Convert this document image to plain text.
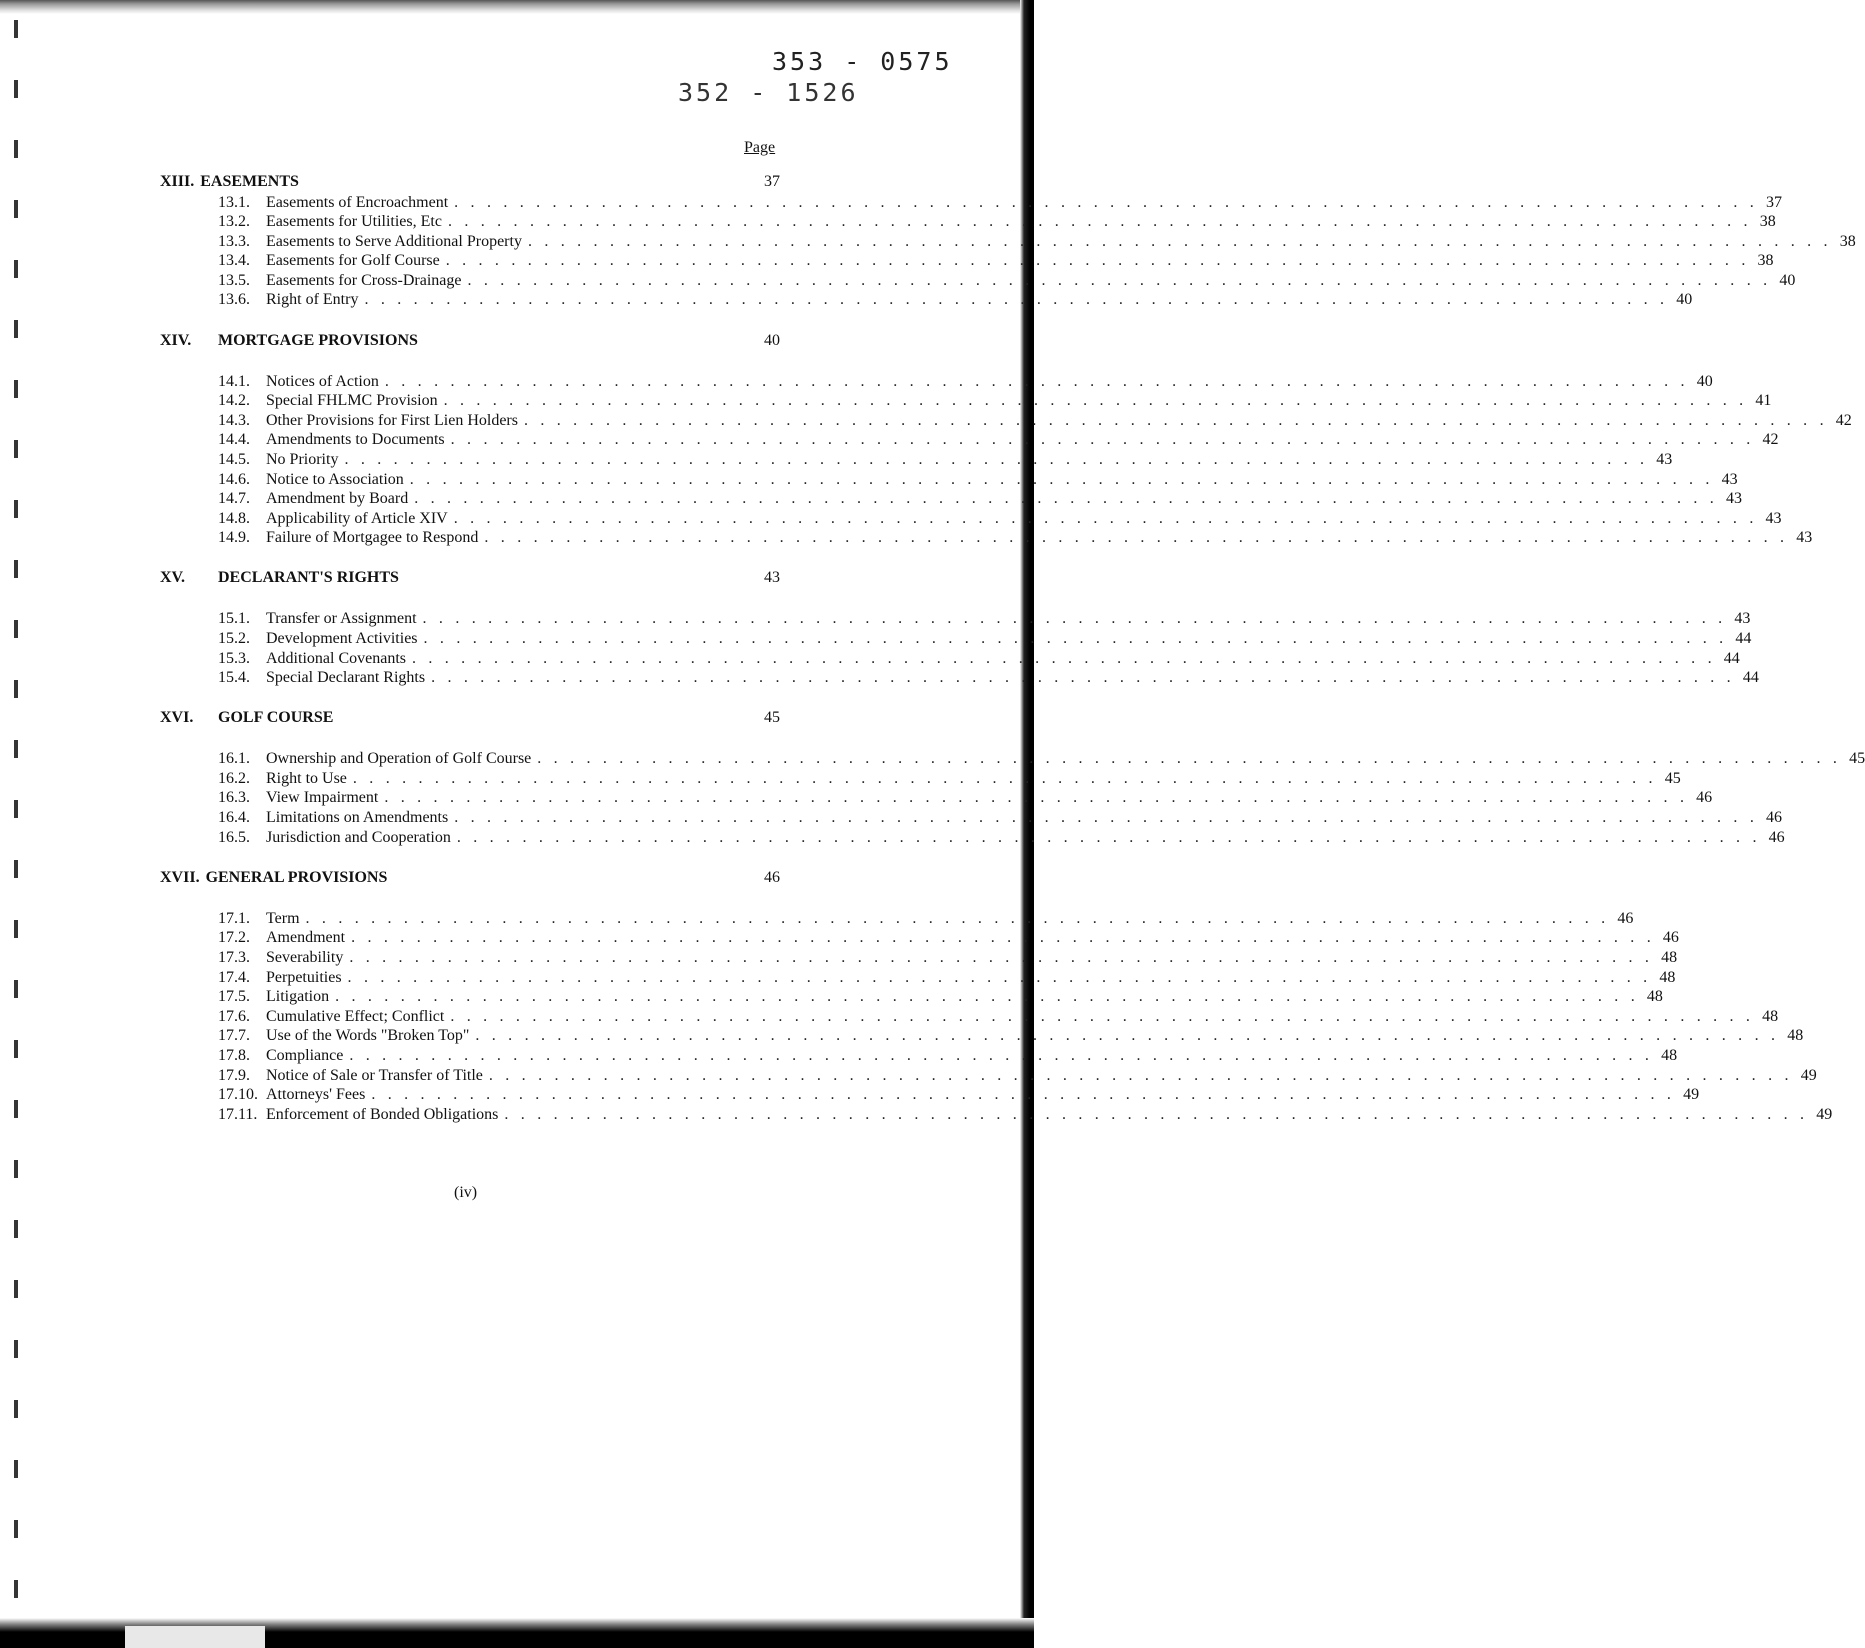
353 - 0575
352 - 1526
Page
XIII. EASEMENTS	37
13.1.	Easements of Encroachment . . . . . . . . . . . . . . . . . . . . . . . . . . . . . . . . . . . . . . . . . . . . . . . . . . . . . . . . . . . . . . . . . . . . . . . . . . . . . . . . 37
13.2.	Easements for Utilities, Etc . . . . . . . . . . . . . . . . . . . . . . . . . . . . . . . . . . . . . . . . . . . . . . . . . . . . . . . . . . . . . . . . . . . . . . . . . . . . . . . . 38
13.3.	Easements to Serve Additional Property . . . . . . . . . . . . . . . . . . . . . . . . . . . . . . . . . . . . . . . . . . . . . . . . . . . . . . . . . . . . . . . . . . . . . . . . . . . . . . . . 38
13.4.	Easements for Golf Course . . . . . . . . . . . . . . . . . . . . . . . . . . . . . . . . . . . . . . . . . . . . . . . . . . . . . . . . . . . . . . . . . . . . . . . . . . . . . . . . 38
13.5.	Easements for Cross-Drainage . . . . . . . . . . . . . . . . . . . . . . . . . . . . . . . . . . . . . . . . . . . . . . . . . . . . . . . . . . . . . . . . . . . . . . . . . . . . . . . . 40
13.6.	Right of Entry . . . . . . . . . . . . . . . . . . . . . . . . . . . . . . . . . . . . . . . . . . . . . . . . . . . . . . . . . . . . . . . . . . . . . . . . . . . . . . . . 40
XIV.	MORTGAGE PROVISIONS	40
14.1.	Notices of Action . . . . . . . . . . . . . . . . . . . . . . . . . . . . . . . . . . . . . . . . . . . . . . . . . . . . . . . . . . . . . . . . . . . . . . . . . . . . . . . . 40
14.2.	Special FHLMC Provision . . . . . . . . . . . . . . . . . . . . . . . . . . . . . . . . . . . . . . . . . . . . . . . . . . . . . . . . . . . . . . . . . . . . . . . . . . . . . . . . 41
14.3.	Other Provisions for First Lien Holders . . . . . . . . . . . . . . . . . . . . . . . . . . . . . . . . . . . . . . . . . . . . . . . . . . . . . . . . . . . . . . . . . . . . . . . . . . . . . . . . 42
14.4.	Amendments to Documents . . . . . . . . . . . . . . . . . . . . . . . . . . . . . . . . . . . . . . . . . . . . . . . . . . . . . . . . . . . . . . . . . . . . . . . . . . . . . . . . 42
14.5.	No Priority . . . . . . . . . . . . . . . . . . . . . . . . . . . . . . . . . . . . . . . . . . . . . . . . . . . . . . . . . . . . . . . . . . . . . . . . . . . . . . . . 43
14.6.	Notice to Association . . . . . . . . . . . . . . . . . . . . . . . . . . . . . . . . . . . . . . . . . . . . . . . . . . . . . . . . . . . . . . . . . . . . . . . . . . . . . . . . 43
14.7.	Amendment by Board . . . . . . . . . . . . . . . . . . . . . . . . . . . . . . . . . . . . . . . . . . . . . . . . . . . . . . . . . . . . . . . . . . . . . . . . . . . . . . . . 43
14.8.	Applicability of Article XIV . . . . . . . . . . . . . . . . . . . . . . . . . . . . . . . . . . . . . . . . . . . . . . . . . . . . . . . . . . . . . . . . . . . . . . . . . . . . . . . . 43
14.9.	Failure of Mortgagee to Respond . . . . . . . . . . . . . . . . . . . . . . . . . . . . . . . . . . . . . . . . . . . . . . . . . . . . . . . . . . . . . . . . . . . . . . . . . . . . . . . . 43
XV.	DECLARANT'S RIGHTS	43
15.1.	Transfer or Assignment . . . . . . . . . . . . . . . . . . . . . . . . . . . . . . . . . . . . . . . . . . . . . . . . . . . . . . . . . . . . . . . . . . . . . . . . . . . . . . . . 43
15.2.	Development Activities . . . . . . . . . . . . . . . . . . . . . . . . . . . . . . . . . . . . . . . . . . . . . . . . . . . . . . . . . . . . . . . . . . . . . . . . . . . . . . . . 44
15.3.	Additional Covenants . . . . . . . . . . . . . . . . . . . . . . . . . . . . . . . . . . . . . . . . . . . . . . . . . . . . . . . . . . . . . . . . . . . . . . . . . . . . . . . . 44
15.4.	Special Declarant Rights . . . . . . . . . . . . . . . . . . . . . . . . . . . . . . . . . . . . . . . . . . . . . . . . . . . . . . . . . . . . . . . . . . . . . . . . . . . . . . . . 44
XVI.	GOLF COURSE	45
16.1.	Ownership and Operation of Golf Course . . . . . . . . . . . . . . . . . . . . . . . . . . . . . . . . . . . . . . . . . . . . . . . . . . . . . . . . . . . . . . . . . . . . . . . . . . . . . . . . 45
16.2.	Right to Use . . . . . . . . . . . . . . . . . . . . . . . . . . . . . . . . . . . . . . . . . . . . . . . . . . . . . . . . . . . . . . . . . . . . . . . . . . . . . . . . 45
16.3.	View Impairment . . . . . . . . . . . . . . . . . . . . . . . . . . . . . . . . . . . . . . . . . . . . . . . . . . . . . . . . . . . . . . . . . . . . . . . . . . . . . . . . 46
16.4.	Limitations on Amendments . . . . . . . . . . . . . . . . . . . . . . . . . . . . . . . . . . . . . . . . . . . . . . . . . . . . . . . . . . . . . . . . . . . . . . . . . . . . . . . . 46
16.5.	Jurisdiction and Cooperation . . . . . . . . . . . . . . . . . . . . . . . . . . . . . . . . . . . . . . . . . . . . . . . . . . . . . . . . . . . . . . . . . . . . . . . . . . . . . . . . 46
XVII. GENERAL PROVISIONS	46
17.1.	Term . . . . . . . . . . . . . . . . . . . . . . . . . . . . . . . . . . . . . . . . . . . . . . . . . . . . . . . . . . . . . . . . . . . . . . . . . . . . . . . . 46
17.2.	Amendment . . . . . . . . . . . . . . . . . . . . . . . . . . . . . . . . . . . . . . . . . . . . . . . . . . . . . . . . . . . . . . . . . . . . . . . . . . . . . . . . 46
17.3.	Severability . . . . . . . . . . . . . . . . . . . . . . . . . . . . . . . . . . . . . . . . . . . . . . . . . . . . . . . . . . . . . . . . . . . . . . . . . . . . . . . . 48
17.4.	Perpetuities . . . . . . . . . . . . . . . . . . . . . . . . . . . . . . . . . . . . . . . . . . . . . . . . . . . . . . . . . . . . . . . . . . . . . . . . . . . . . . . . 48
17.5.	Litigation . . . . . . . . . . . . . . . . . . . . . . . . . . . . . . . . . . . . . . . . . . . . . . . . . . . . . . . . . . . . . . . . . . . . . . . . . . . . . . . . 48
17.6.	Cumulative Effect; Conflict . . . . . . . . . . . . . . . . . . . . . . . . . . . . . . . . . . . . . . . . . . . . . . . . . . . . . . . . . . . . . . . . . . . . . . . . . . . . . . . . 48
17.7.	Use of the Words "Broken Top" . . . . . . . . . . . . . . . . . . . . . . . . . . . . . . . . . . . . . . . . . . . . . . . . . . . . . . . . . . . . . . . . . . . . . . . . . . . . . . . . 48
17.8.	Compliance . . . . . . . . . . . . . . . . . . . . . . . . . . . . . . . . . . . . . . . . . . . . . . . . . . . . . . . . . . . . . . . . . . . . . . . . . . . . . . . . 48
17.9.	Notice of Sale or Transfer of Title . . . . . . . . . . . . . . . . . . . . . . . . . . . . . . . . . . . . . . . . . . . . . . . . . . . . . . . . . . . . . . . . . . . . . . . . . . . . . . . . 49
17.10. Attorneys' Fees . . . . . . . . . . . . . . . . . . . . . . . . . . . . . . . . . . . . . . . . . . . . . . . . . . . . . . . . . . . . . . . . . . . . . . . . . . . . . . . . 49
17.11. Enforcement of Bonded Obligations . . . . . . . . . . . . . . . . . . . . . . . . . . . . . . . . . . . . . . . . . . . . . . . . . . . . . . . . . . . . . . . . . . . . . . . . . . . . . . . . 49
(iv)
